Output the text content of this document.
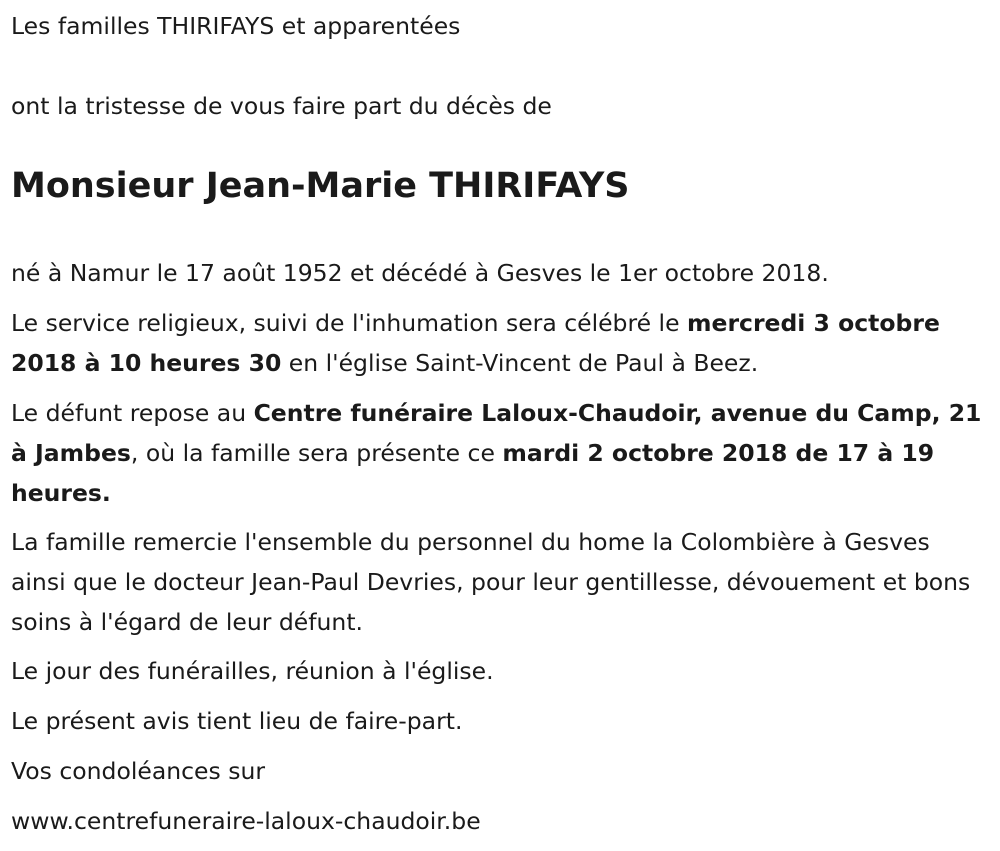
Les familles THIRIFAYS et apparentées

ont la tristesse de vous faire part du décès de

Monsieur Jean-Marie THIRIFAYS

né à Namur le 17 août 1952 et décédé à Gesves le 1er octobre 2018.

Le service religieux, suivi de l'inhumation sera célébré le mercredi 3 octobre 2018 à 10 heures 30 en l'église Saint-Vincent de Paul à Beez.

Le défunt repose au Centre funéraire Laloux-Chaudoir, avenue du Camp, 21 à Jambes, où la famille sera présente ce mardi 2 octobre 2018 de 17 à 19 heures.

La famille remercie l'ensemble du personnel du home la Colombière à Gesves ainsi que le docteur Jean-Paul Devries, pour leur gentillesse, dévouement et bons soins à l'égard de leur défunt.

Le jour des funérailles, réunion à l'église.

Le présent avis tient lieu de faire-part.

Vos condoléances sur

www.centrefuneraire-laloux-chaudoir.be
